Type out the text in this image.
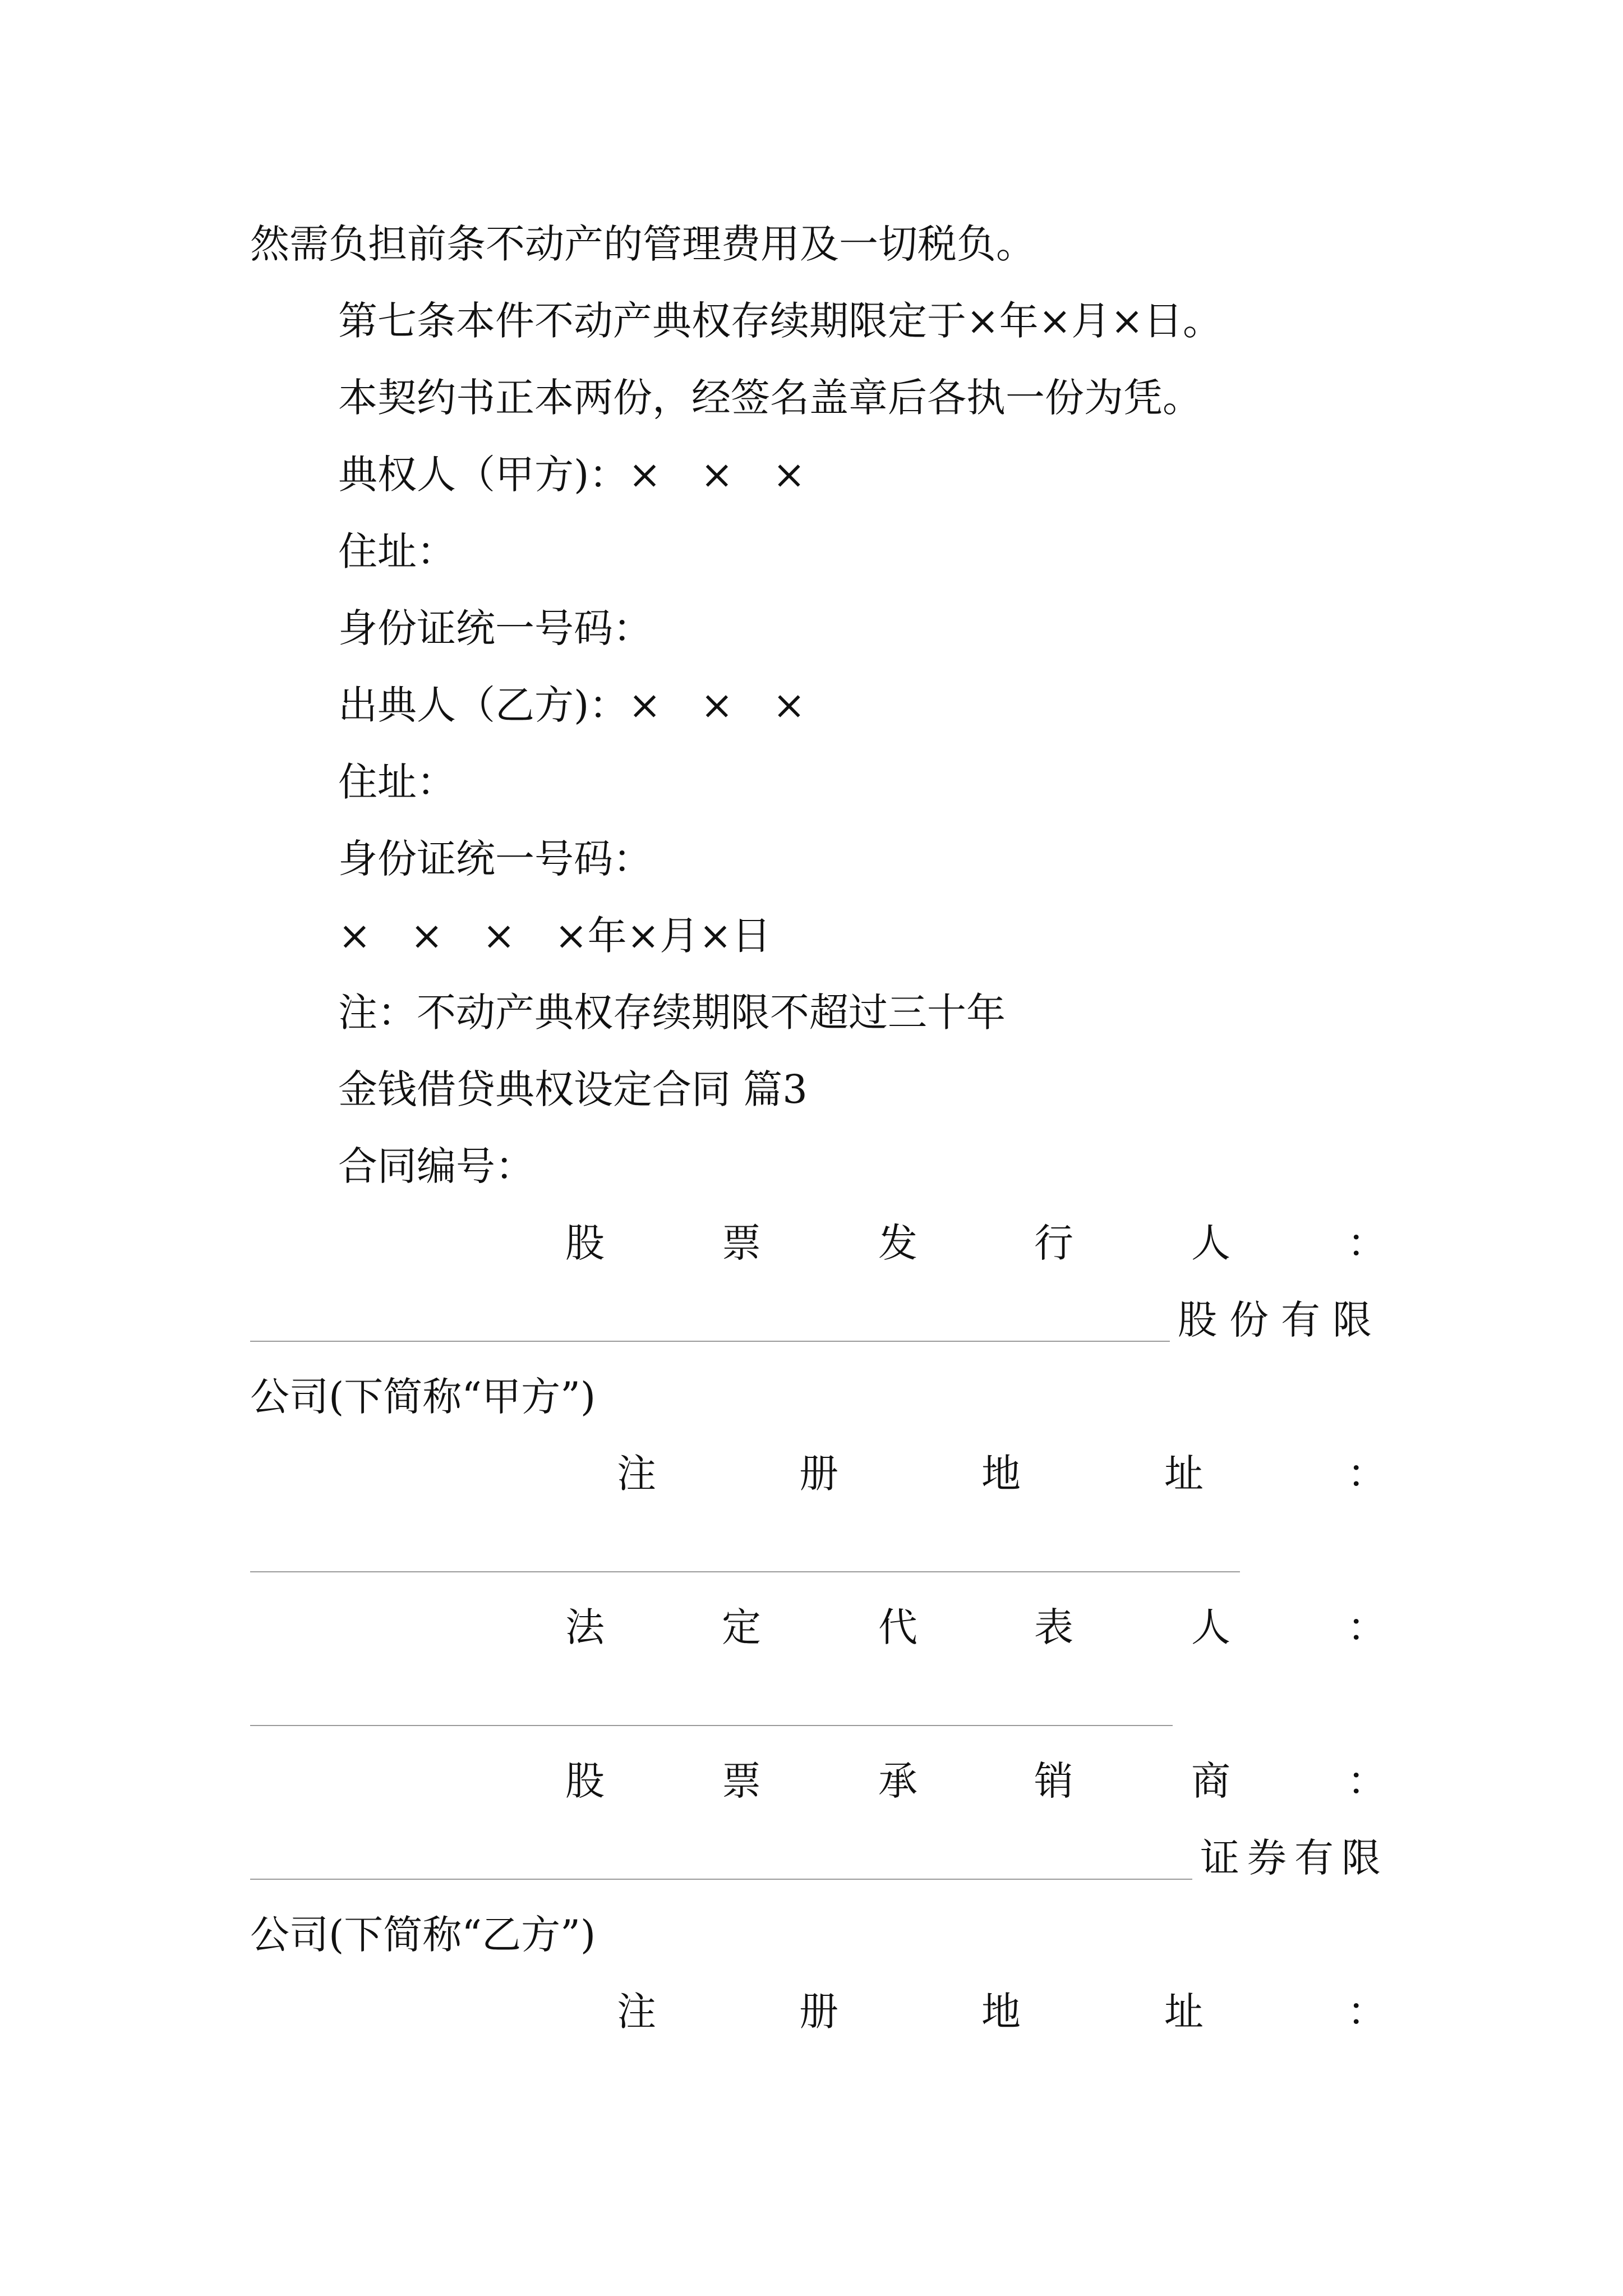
然需负担前条不动产的管理费用及一切税负。
第七条本件不动产典权存续期限定于×年×月×日。
本契约书正本两份，经签名盖章后各执一份为凭。
典权人（甲方)：×　×　×
住址：
身份证统一号码：
出典人（乙方)：×　×　×
住址：
身份证统一号码：
×　×　×　×年×月×日
注：不动产典权存续期限不超过三十年
金钱借贷典权设定合同 篇3
合同编号：
股	票	发	行	人	：
股份有限
公司(下简称“甲方”)
注	册	地	址	：
法	定	代	表	人	：
股	票	承	销	商	：
证券有限
公司(下简称“乙方”)
注	册	地	址	：
